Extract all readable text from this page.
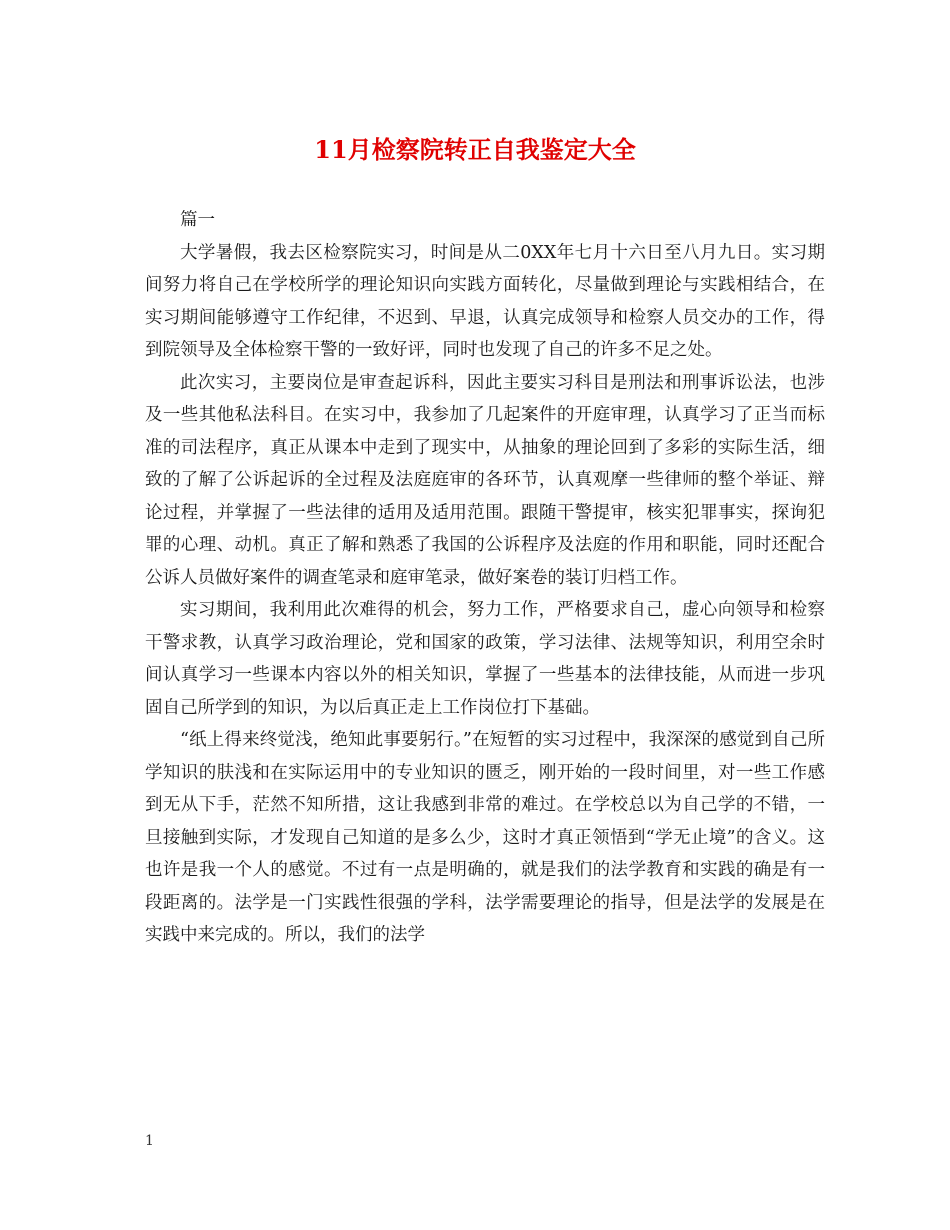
11月检察院转正自我鉴定大全

篇一

大学暑假，我去区检察院实习，时间是从二0XX年七月十六日至八月九日。实习期间努力将自己在学校所学的理论知识向实践方面转化，尽量做到理论与实践相结合，在实习期间能够遵守工作纪律，不迟到、早退，认真完成领导和检察人员交办的工作，得到院领导及全体检察干警的一致好评，同时也发现了自己的许多不足之处。

此次实习，主要岗位是审查起诉科，因此主要实习科目是刑法和刑事诉讼法，也涉及一些其他私法科目。在实习中，我参加了几起案件的开庭审理，认真学习了正当而标准的司法程序，真正从课本中走到了现实中，从抽象的理论回到了多彩的实际生活，细致的了解了公诉起诉的全过程及法庭庭审的各环节，认真观摩一些律师的整个举证、辩论过程，并掌握了一些法律的适用及适用范围。跟随干警提审，核实犯罪事实，探询犯罪的心理、动机。真正了解和熟悉了我国的公诉程序及法庭的作用和职能，同时还配合公诉人员做好案件的调查笔录和庭审笔录，做好案卷的装订归档工作。

实习期间，我利用此次难得的机会，努力工作，严格要求自己，虚心向领导和检察干警求教，认真学习政治理论，党和国家的政策，学习法律、法规等知识，利用空余时间认真学习一些课本内容以外的相关知识，掌握了一些基本的法律技能，从而进一步巩固自己所学到的知识，为以后真正走上工作岗位打下基础。

“纸上得来终觉浅，绝知此事要躬行。”在短暂的实习过程中，我深深的感觉到自己所学知识的肤浅和在实际运用中的专业知识的匮乏，刚开始的一段时间里，对一些工作感到无从下手，茫然不知所措，这让我感到非常的难过。在学校总以为自己学的不错，一旦接触到实际，才发现自己知道的是多么少，这时才真正领悟到“学无止境”的含义。这也许是我一个人的感觉。不过有一点是明确的，就是我们的法学教育和实践的确是有一段距离的。法学是一门实践性很强的学科，法学需要理论的指导，但是法学的发展是在实践中来完成的。所以，我们的法学

1
